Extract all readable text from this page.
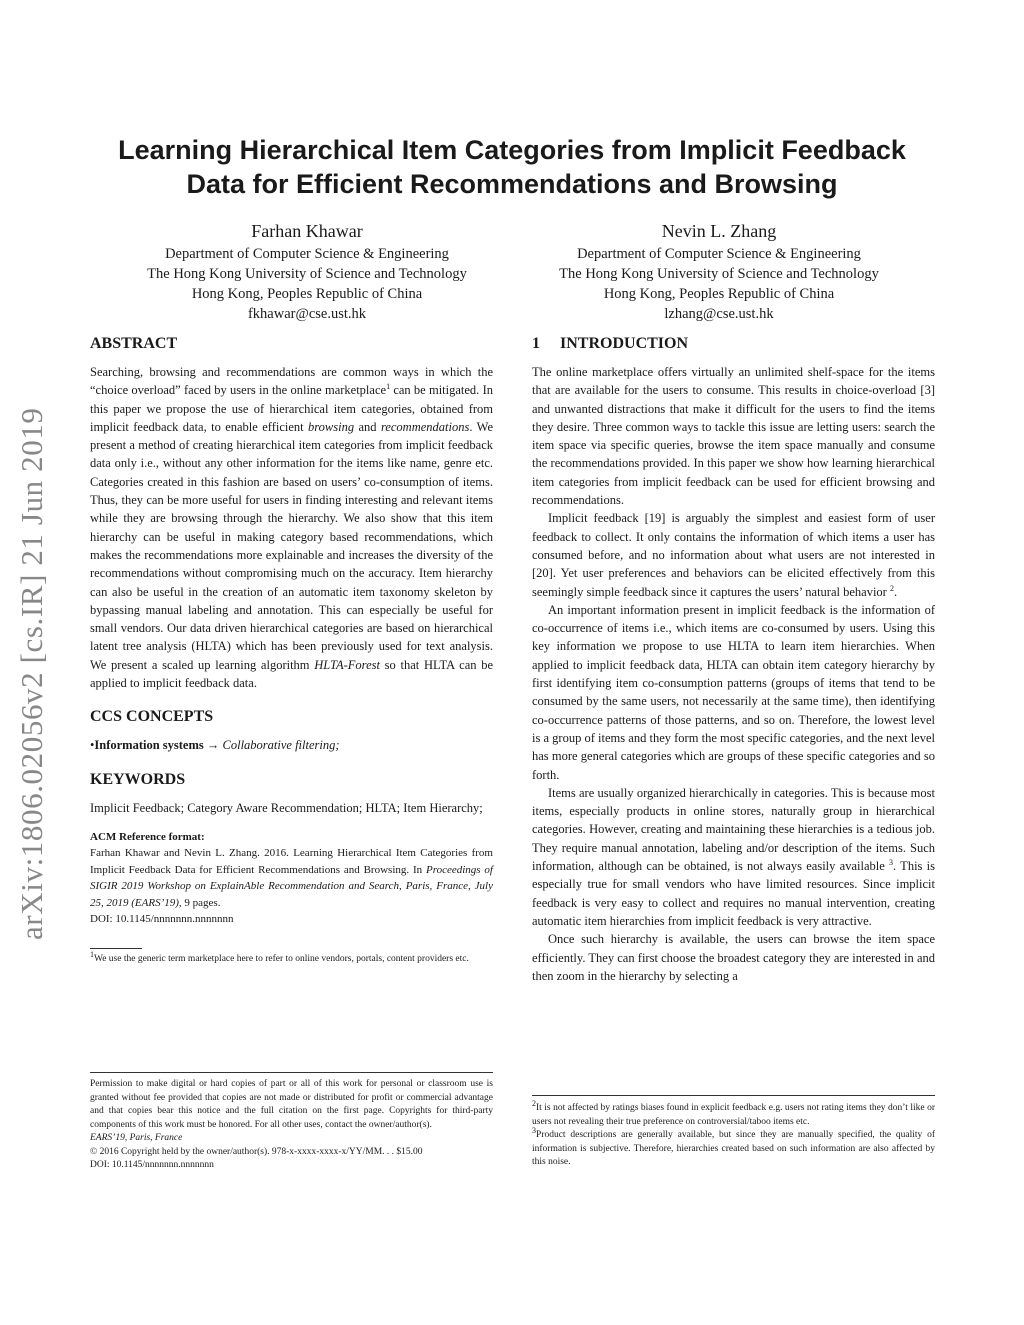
arXiv:1806.02056v2 [cs.IR] 21 Jun 2019
Learning Hierarchical Item Categories from Implicit Feedback
Data for Efficient Recommendations and Browsing
Farhan Khawar
Department of Computer Science & Engineering
The Hong Kong University of Science and Technology
Hong Kong, Peoples Republic of China
fkhawar@cse.ust.hk
Nevin L. Zhang
Department of Computer Science & Engineering
The Hong Kong University of Science and Technology
Hong Kong, Peoples Republic of China
lzhang@cse.ust.hk
ABSTRACT

Searching, browsing and recommendations are common ways in which the “choice overload” faced by users in the online marketplace$^1$ can be mitigated. In this paper we propose the use of hierarchical item categories, obtained from implicit feedback data, to enable efficient browsing and recommendations. We present a method of creating hierarchical item categories from implicit feedback data only i.e., without any other information for the items like name, genre etc. Categories created in this fashion are based on users’ co-consumption of items. Thus, they can be more useful for users in finding interesting and relevant items while they are browsing through the hierarchy. We also show that this item hierarchy can be useful in making category based recommendations, which makes the recommendations more explainable and increases the diversity of the recommendations without compromising much on the accuracy. Item hierarchy can also be useful in the creation of an automatic item taxonomy skeleton by bypassing manual labeling and annotation. This can especially be useful for small vendors. Our data driven hierarchical categories are based on hierarchical latent tree analysis (HLTA) which has been previously used for text analysis. We present a scaled up learning algorithm HLTA-Forest so that HLTA can be applied to implicit feedback data.

CCS CONCEPTS

•Information systems → Collaborative filtering;

KEYWORDS

Implicit Feedback; Category Aware Recommendation; HLTA; Item Hierarchy;

ACM Reference format:
Farhan Khawar and Nevin L. Zhang. 2016. Learning Hierarchical Item Categories from Implicit Feedback Data for Efficient Recommendations and Browsing. In Proceedings of SIGIR 2019 Workshop on ExplainAble Recommendation and Search, Paris, France, July 25, 2019 (EARS’19), 9 pages.
DOI: 10.1145/nnnnnnn.nnnnnnn
$^1$We use the generic term marketplace here to refer to online vendors, portals, content providers etc.

Permission to make digital or hard copies of part or all of this work for personal or classroom use is granted without fee provided that copies are not made or distributed for profit or commercial advantage and that copies bear this notice and the full citation on the first page. Copyrights for third-party components of this work must be honored. For all other uses, contact the owner/author(s).

EARS’19, Paris, France

© 2016 Copyright held by the owner/author(s). 978-x-xxxx-xxxx-x/YY/MM. . . $15.00

DOI: 10.1145/nnnnnnn.nnnnnnn

1 INTRODUCTION

The online marketplace offers virtually an unlimited shelf-space for the items that are available for the users to consume. This results in choice-overload [3] and unwanted distractions that make it difficult for the users to find the items they desire. Three common ways to tackle this issue are letting users: search the item space via specific queries, browse the item space manually and consume the recommendations provided. In this paper we show how learning hierarchical item categories from implicit feedback can be used for efficient browsing and recommendations.

Implicit feedback [19] is arguably the simplest and easiest form of user feedback to collect. It only contains the information of which items a user has consumed before, and no information about what users are not interested in [20]. Yet user preferences and behaviors can be elicited effectively from this seemingly simple feedback since it captures the users’ natural behavior $^2$.

An important information present in implicit feedback is the information of co-occurrence of items i.e., which items are co-consumed by users. Using this key information we propose to use HLTA to learn item hierarchies. When applied to implicit feedback data, HLTA can obtain item category hierarchy by first identifying item co-consumption patterns (groups of items that tend to be consumed by the same users, not necessarily at the same time), then identifying co-occurrence patterns of those patterns, and so on. Therefore, the lowest level is a group of items and they form the most specific categories, and the next level has more general categories which are groups of these specific categories and so forth.

Items are usually organized hierarchically in categories. This is because most items, especially products in online stores, naturally group in hierarchical categories. However, creating and maintaining these hierarchies is a tedious job. They require manual annotation, labeling and/or description of the items. Such information, although can be obtained, is not always easily available $^3$. This is especially true for small vendors who have limited resources. Since implicit feedback is very easy to collect and requires no manual intervention, creating automatic item hierarchies from implicit feedback is very attractive.

Once such hierarchy is available, the users can browse the item space efficiently. They can first choose the broadest category they are interested in and then zoom in the hierarchy by selecting a

$^2$It is not affected by ratings biases found in explicit feedback e.g. users not rating items they don’t like or users not revealing their true preference on controversial/taboo items etc.

$^3$Product descriptions are generally available, but since they are manually specified, the quality of information is subjective. Therefore, hierarchies created based on such information are also affected by this noise.
